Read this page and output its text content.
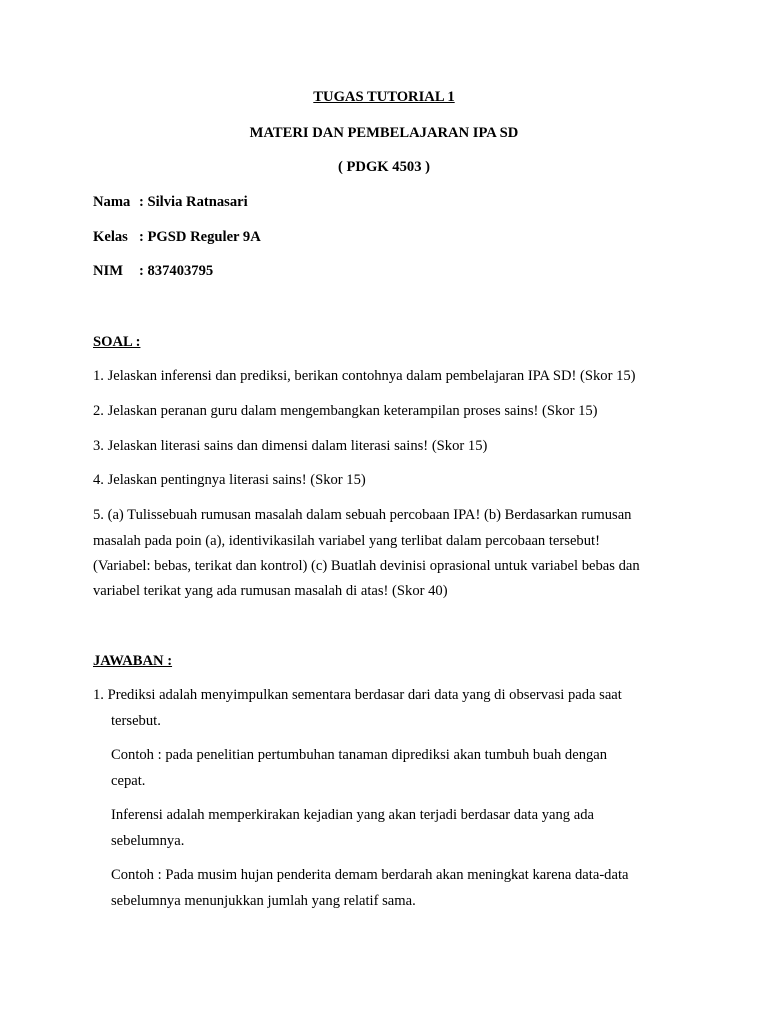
TUGAS TUTORIAL 1
MATERI DAN PEMBELAJARAN IPA SD
( PDGK 4503 )
Nama : Silvia Ratnasari
Kelas : PGSD Reguler 9A
NIM : 837403795
SOAL :
1. Jelaskan inferensi dan prediksi, berikan contohnya dalam pembelajaran IPA SD! (Skor 15)
2. Jelaskan peranan guru dalam mengembangkan keterampilan proses sains! (Skor 15)
3. Jelaskan literasi sains dan dimensi dalam literasi sains! (Skor 15)
4. Jelaskan pentingnya literasi sains! (Skor 15)
5. (a) Tulissebuah rumusan masalah dalam sebuah percobaan IPA! (b) Berdasarkan rumusan
masalah pada poin (a), identivikasilah variabel yang terlibat dalam percobaan tersebut!
(Variabel: bebas, terikat dan kontrol) (c) Buatlah devinisi oprasional untuk variabel bebas dan
variabel terikat yang ada rumusan masalah di atas! (Skor 40)
JAWABAN :
1. Prediksi adalah menyimpulkan sementara berdasar dari data yang di observasi pada saat
tersebut.
Contoh : pada penelitian pertumbuhan tanaman diprediksi akan tumbuh buah dengan
cepat.
Inferensi adalah memperkirakan kejadian yang akan terjadi berdasar data yang ada
sebelumnya.
Contoh : Pada musim hujan penderita demam berdarah akan meningkat karena data-data
sebelumnya menunjukkan jumlah yang relatif sama.
